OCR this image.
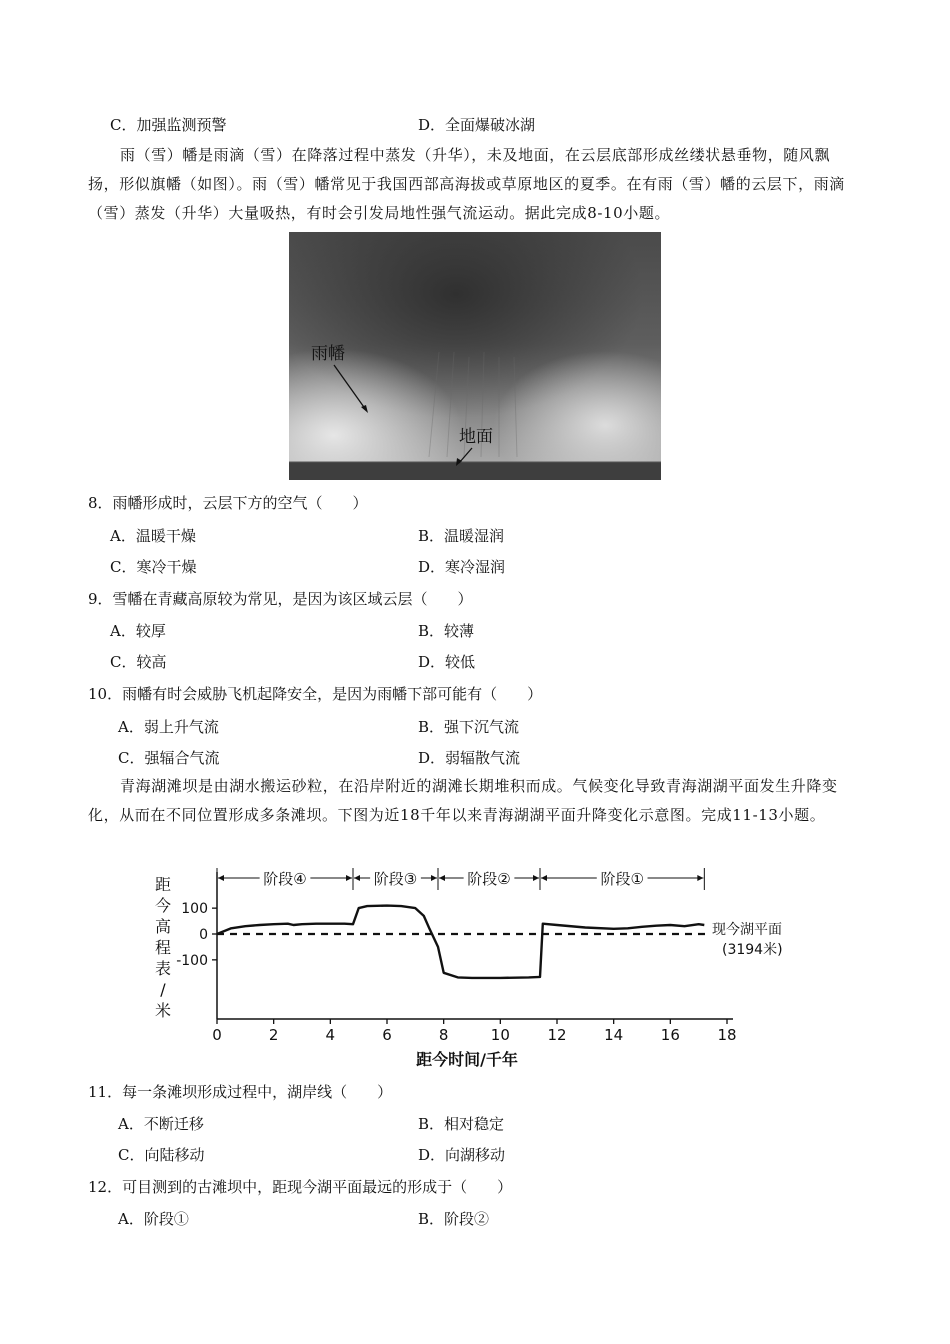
C．加强监测预警	D．全面爆破冰湖
雨（雪）幡是雨滴（雪）在降落过程中蒸发（升华），未及地面，在云层底部形成丝缕状悬垂物，随风飘扬，形似旗幡（如图）。雨（雪）幡常见于我国西部高海拔或草原地区的夏季。在有雨（雪）幡的云层下，雨滴（雪）蒸发（升华）大量吸热，有时会引发局地性强气流运动。据此完成8-10小题。
雨幡
地面
8．雨幡形成时，云层下方的空气（　　）
A．温暖干燥	B．温暖湿润
C．寒冷干燥	D．寒冷湿润
9．雪幡在青藏高原较为常见，是因为该区域云层（　　）
A．较厚	B．较薄
C．较高	D．较低
10．雨幡有时会威胁飞机起降安全，是因为雨幡下部可能有（　　）
A．弱上升气流	B．强下沉气流
C．强辐合气流	D．弱辐散气流
青海湖滩坝是由湖水搬运砂粒，在沿岸附近的湖滩长期堆积而成。气候变化导致青海湖湖平面发生升降变化，从而在不同位置形成多条滩坝。下图为近18千年以来青海湖湖平面升降变化示意图。完成11-13小题。
100
0
-100
0	2	4	6	8	10	12	14	16	18
距今时间/千年
距
今
高
程
表
/
米
现今湖平面
(3194米)
阶段④	阶段③	阶段②	阶段①
11．每一条滩坝形成过程中，湖岸线（　　）
A．不断迁移	B．相对稳定
C．向陆移动	D．向湖移动
12．可目测到的古滩坝中，距现今湖平面最远的形成于（　　）
A．阶段①	B．阶段②
